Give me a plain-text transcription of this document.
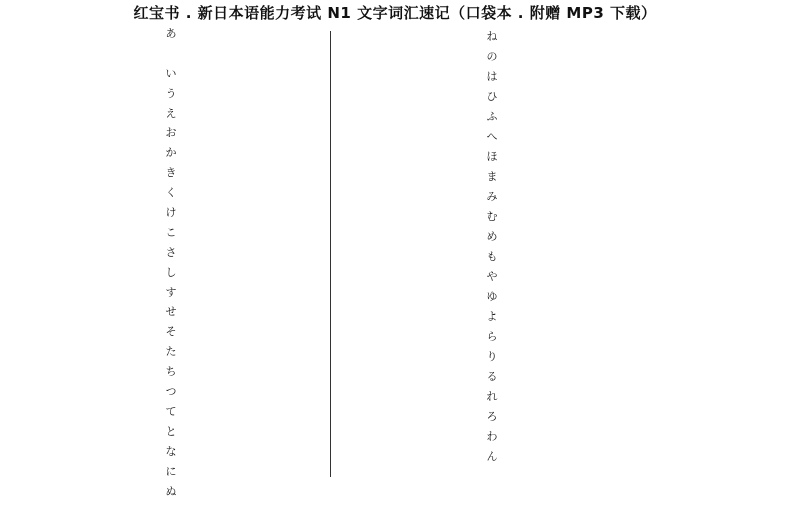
红宝书 . 新日本语能力考试 N1 文字词汇速记（口袋本 . 附赠 MP3 下载）
あ
い
う
え
お
か
き
く
け
こ
さ
し
す
せ
そ
た
ち
つ
て
と
な
に
ぬ
ね
の
は
ひ
ふ
へ
ほ
ま
み
む
め
も
や
ゆ
よ
ら
り
る
れ
ろ
わ
ん
